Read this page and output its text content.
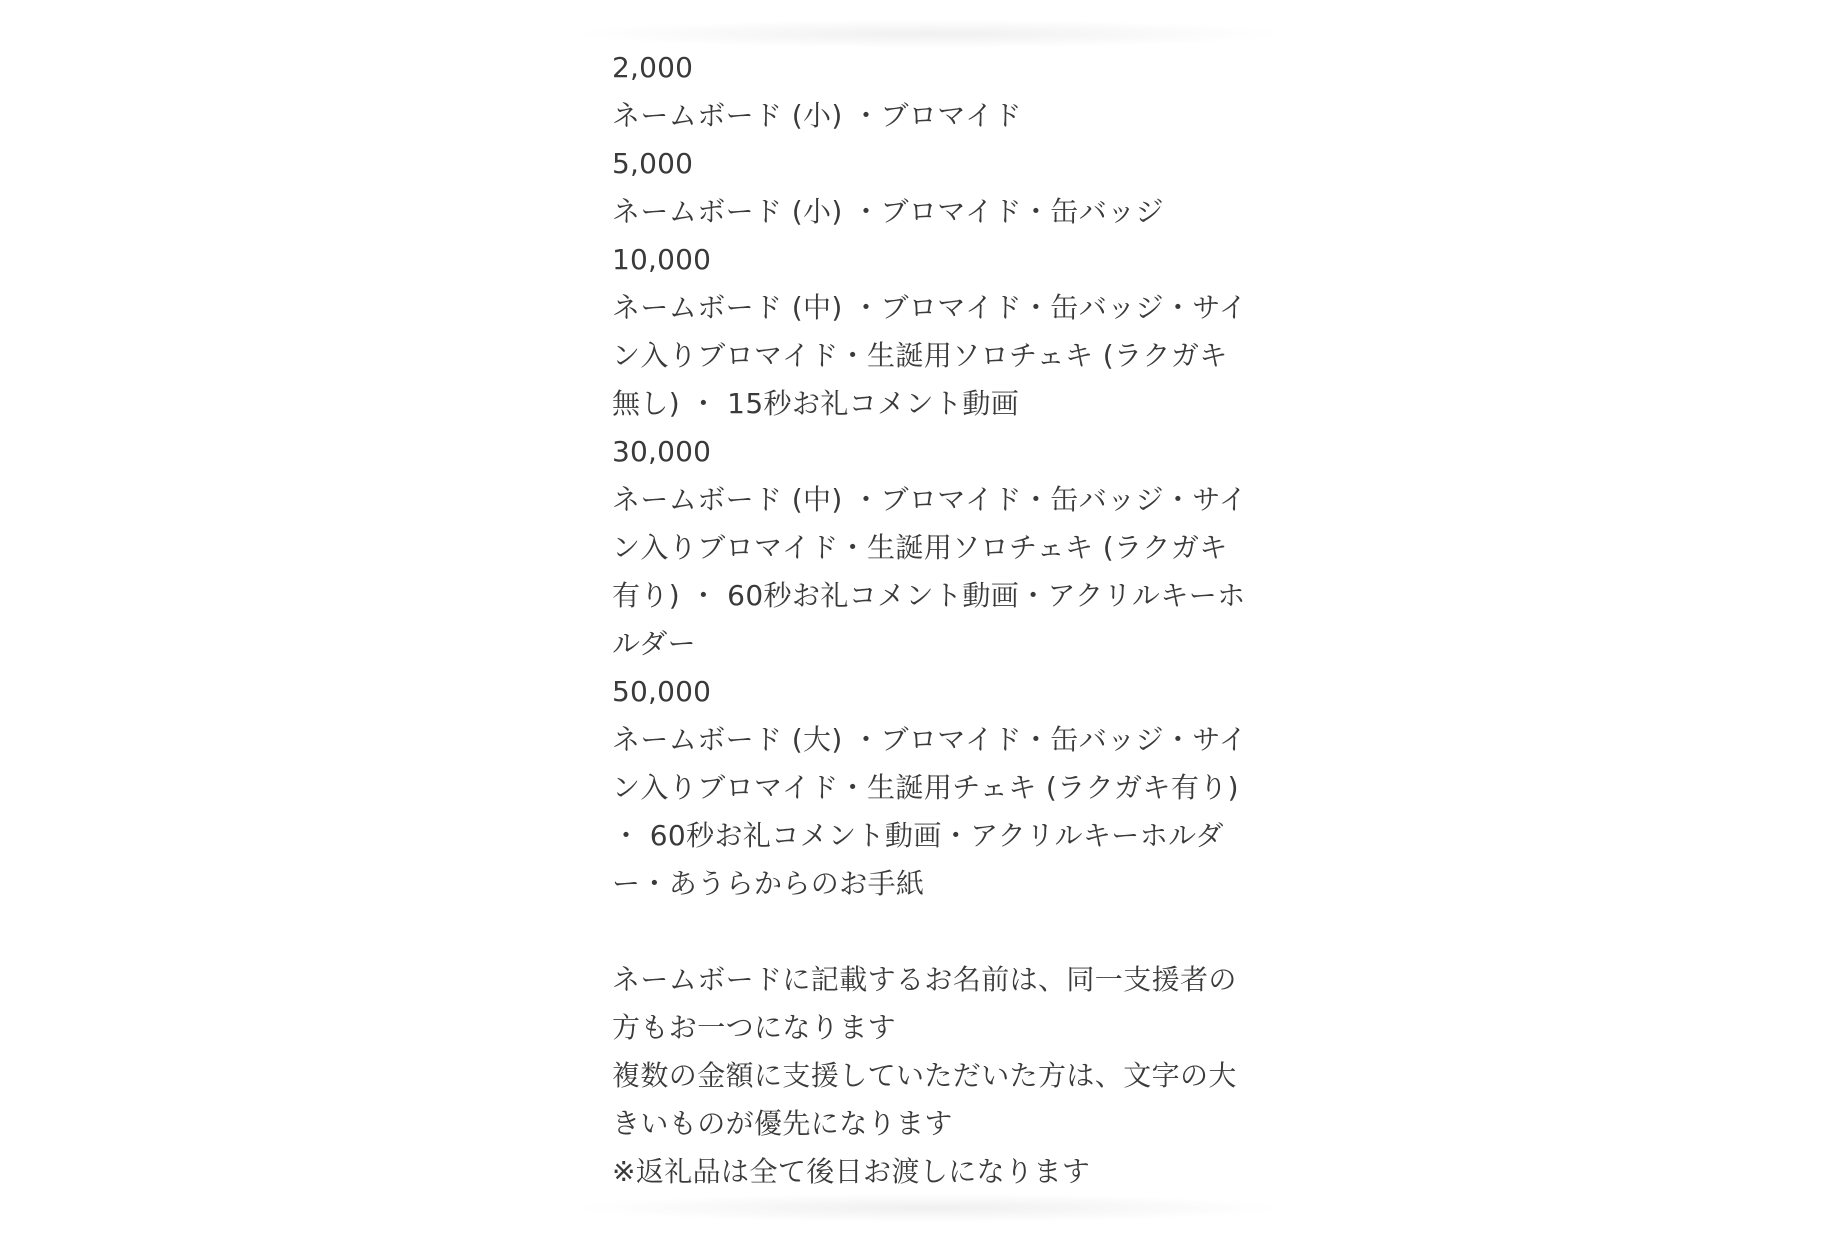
2,000
ネームボード (小) ・ブロマイド
5,000
ネームボード (小) ・ブロマイド・缶バッジ
10,000
ネームボード (中) ・ブロマイド・缶バッジ・サイン入りブロマイド・生誕用ソロチェキ (ラクガキ無し) ・ 15秒お礼コメント動画
30,000
ネームボード (中) ・ブロマイド・缶バッジ・サイン入りブロマイド・生誕用ソロチェキ (ラクガキ有り) ・ 60秒お礼コメント動画・アクリルキーホルダー
50,000
ネームボード (大) ・ブロマイド・缶バッジ・サイン入りブロマイド・生誕用チェキ (ラクガキ有り) ・ 60秒お礼コメント動画・アクリルキーホルダー・あうらからのお手紙
ネームボードに記載するお名前は、同一支援者の方もお一つになります
複数の金額に支援していただいた方は、文字の大きいものが優先になります
※返礼品は全て後日お渡しになります
